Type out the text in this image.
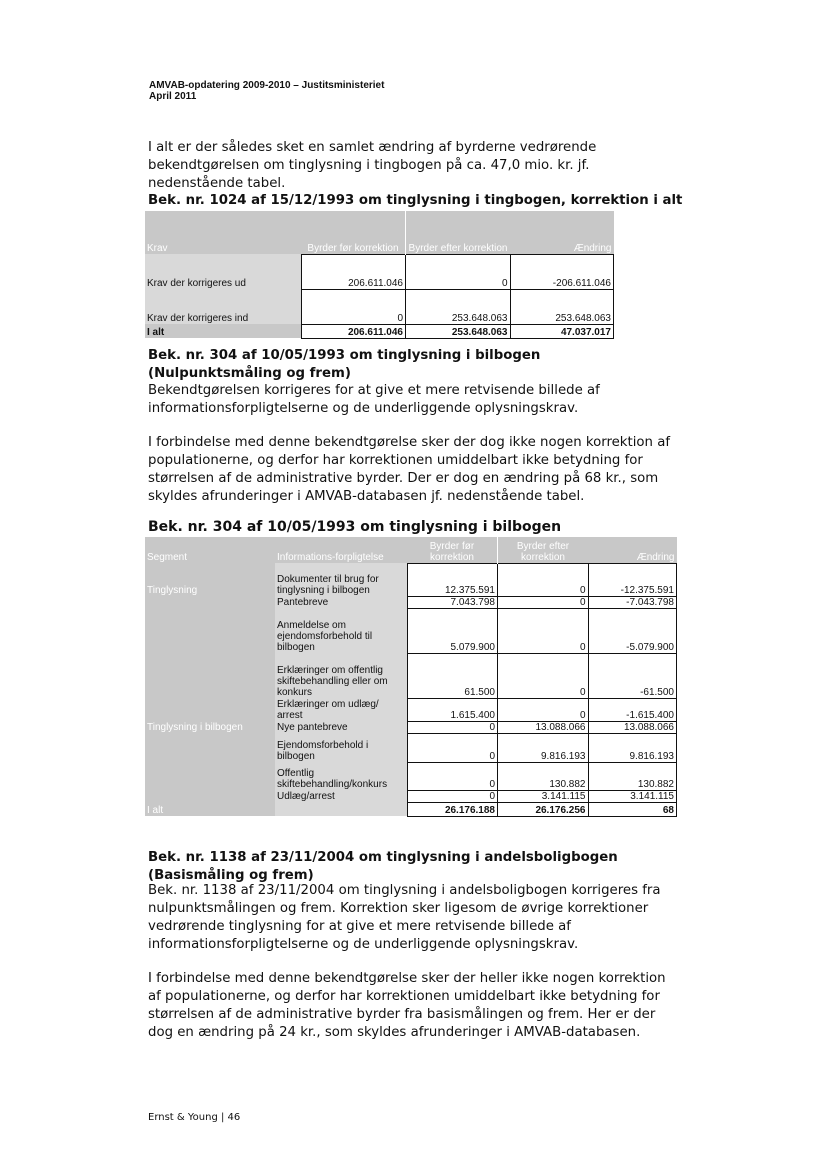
AMVAB-opdatering 2009-2010 – Justitsministeriet
April 2011
I alt er der således sket en samlet ændring af byrderne vedrørende bekendtgørelsen om tinglysning i tingbogen på ca. 47,0 mio. kr. jf. nedenstående tabel.
Bek. nr. 1024 af 15/12/1993 om tinglysning i tingbogen, korrektion i alt
Krav	Byrder før korrektion	Byrder efter korrektion	Ændring
Krav der korrigeres ud	206.611.046	0	-206.611.046
Krav der korrigeres ind	0	253.648.063	253.648.063
I alt	206.611.046	253.648.063	47.037.017
Bek. nr. 304 af 10/05/1993 om tinglysning i bilbogen (Nulpunktsmåling og frem)
Bekendtgørelsen korrigeres for at give et mere retvisende billede af informationsforpligtelserne og de underliggende oplysningskrav.
I forbindelse med denne bekendtgørelse sker der dog ikke nogen korrektion af populationerne, og derfor har korrektionen umiddelbart ikke betydning for størrelsen af de administrative byrder. Der er dog en ændring på 68 kr., som skyldes afrunderinger i AMVAB-databasen jf. nedenstående tabel.
Bek. nr. 304 af 10/05/1993 om tinglysning i bilbogen
Segment	Informations-forpligtelse	Byrder før korrektion	Byrder efter korrektion	Ændring
Tinglysning	Dokumenter til brug for tinglysning i bilbogen	12.375.591	0	-12.375.591
	Pantebreve	7.043.798	0	-7.043.798
	Anmeldelse om ejendomsforbehold til bilbogen	5.079.900	0	-5.079.900
	Erklæringer om offentlig skiftebehandling eller om konkurs	61.500	0	-61.500
	Erklæringer om udlæg/ arrest	1.615.400	0	-1.615.400
Tinglysning i bilbogen	Nye pantebreve	0	13.088.066	13.088.066
	Ejendomsforbehold i bilbogen	0	9.816.193	9.816.193
	Offentlig skiftebehandling/konkurs	0	130.882	130.882
	Udlæg/arrest	0	3.141.115	3.141.115
I alt		26.176.188	26.176.256	68
Bek. nr. 1138 af 23/11/2004 om tinglysning i andelsboligbogen (Basismåling og frem)
Bek. nr. 1138 af 23/11/2004 om tinglysning i andelsboligbogen korrigeres fra nulpunktsmålingen og frem. Korrektion sker ligesom de øvrige korrektioner vedrørende tinglysning for at give et mere retvisende billede af informationsforpligtelserne og de underliggende oplysningskrav.
I forbindelse med denne bekendtgørelse sker der heller ikke nogen korrektion af populationerne, og derfor har korrektionen umiddelbart ikke betydning for størrelsen af de administrative byrder fra basismålingen og frem. Her er der dog en ændring på 24 kr., som skyldes afrunderinger i AMVAB-databasen.
Ernst & Young | 46
